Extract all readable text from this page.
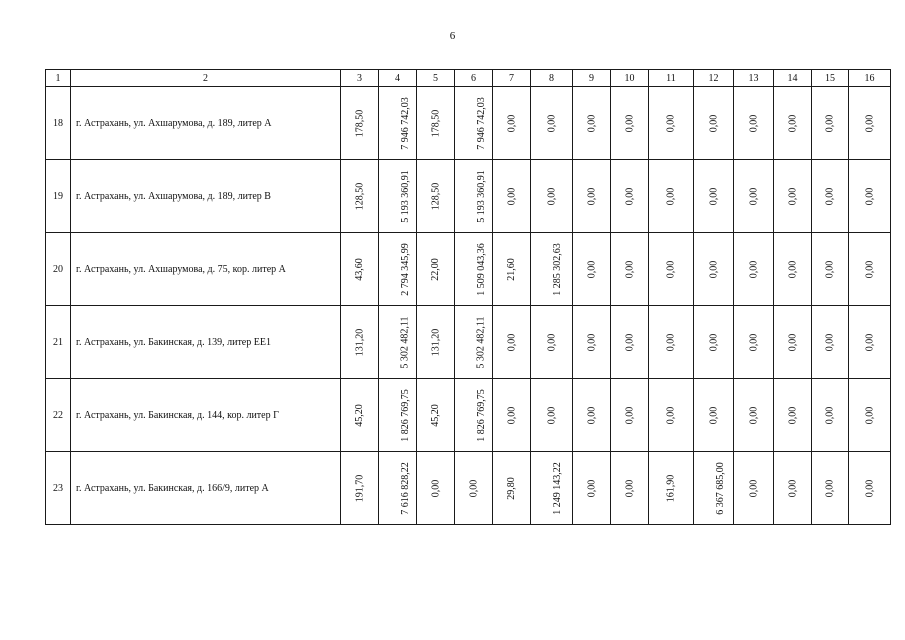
6
1	2	3	4	5	6	7	8	9	10	11	12	13	14	15	16
18	г. Астрахань, ул. Ахшарумова, д. 189, литер А	178,50	7 946 742,03	178,50	7 946 742,03	0,00	0,00	0,00	0,00	0,00	0,00	0,00	0,00	0,00	0,00
19	г. Астрахань, ул. Ахшарумова, д. 189, литер В	128,50	5 193 360,91	128,50	5 193 360,91	0,00	0,00	0,00	0,00	0,00	0,00	0,00	0,00	0,00	0,00
20	г. Астрахань, ул. Ахшарумова, д. 75, кор. литер А	43,60	2 794 345,99	22,00	1 509 043,36	21,60	1 285 302,63	0,00	0,00	0,00	0,00	0,00	0,00	0,00	0,00
21	г. Астрахань, ул. Бакинская, д. 139, литер ЕЕ1	131,20	5 302 482,11	131,20	5 302 482,11	0,00	0,00	0,00	0,00	0,00	0,00	0,00	0,00	0,00	0,00
22	г. Астрахань, ул. Бакинская, д. 144, кор. литер Г	45,20	1 826 769,75	45,20	1 826 769,75	0,00	0,00	0,00	0,00	0,00	0,00	0,00	0,00	0,00	0,00
23	г. Астрахань, ул. Бакинская, д. 166/9, литер А	191,70	7 616 828,22	0,00	0,00	29,80	1 249 143,22	0,00	0,00	161,90	6 367 685,00	0,00	0,00	0,00	0,00
